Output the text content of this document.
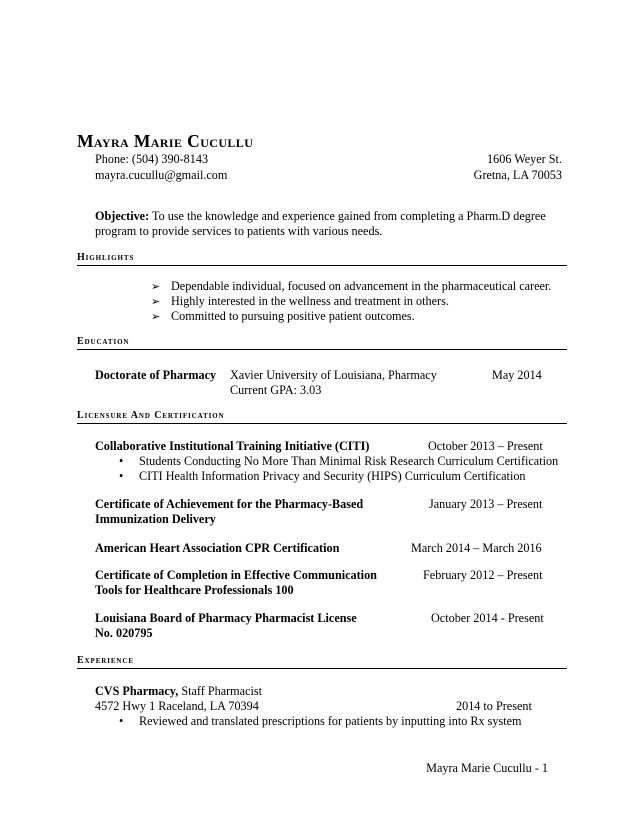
Mayra Marie Cucullu
Phone: (504) 390-8143
mayra.cucullu@gmail.com
1606 Weyer St.
Gretna, LA 70053
Objective: To use the knowledge and experience gained from completing a Pharm.D degree
program to provide services to patients with various needs.
Highlights
➢ Dependable individual, focused on advancement in the pharmaceutical career.
➢ Highly interested in the wellness and treatment in others.
➢ Committed to pursuing positive patient outcomes.
Education
Doctorate of Pharmacy Xavier University of Louisiana, Pharmacy	May 2014
Current GPA: 3.03
Licensure And Certification
Collaborative Institutional Training Initiative (CITI)	October 2013 – Present
• Students Conducting No More Than Minimal Risk Research Curriculum Certification
• CITI Health Information Privacy and Security (HIPS) Curriculum Certification
Certificate of Achievement for the Pharmacy-Based
Immunization Delivery
January 2013 – Present
American Heart Association CPR Certification	March 2014 – March 2016
Certificate of Completion in Effective Communication
Tools for Healthcare Professionals 100
February 2012 – Present
Louisiana Board of Pharmacy Pharmacist License
No. 020795
October 2014 - Present
Experience
CVS Pharmacy, Staff Pharmacist
4572 Hwy 1 Raceland, LA 70394	2014 to Present
• Reviewed and translated prescriptions for patients by inputting into Rx system
Mayra Marie Cucullu - 1
